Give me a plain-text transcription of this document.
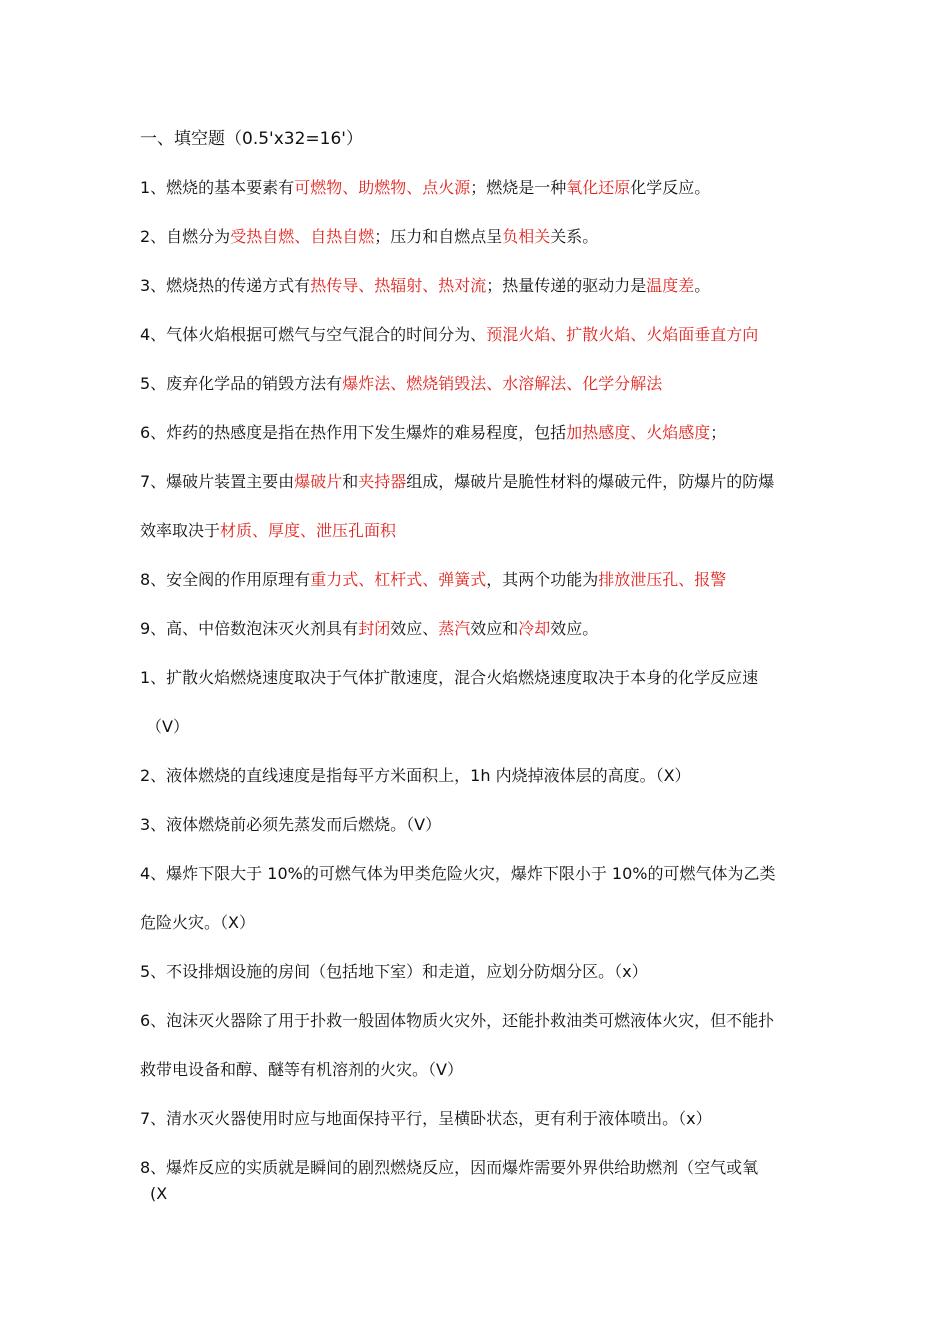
一、填空题（0.5'x32=16'）
1、燃烧的基本要素有可燃物、助燃物、点火源；燃烧是一种氧化还原化学反应。
2、自燃分为受热自燃、自热自燃；压力和自燃点呈负相关关系。
3、燃烧热的传递方式有热传导、热辐射、热对流；热量传递的驱动力是温度差。
4、气体火焰根据可燃气与空气混合的时间分为、预混火焰、扩散火焰、火焰面垂直方向
5、废弃化学品的销毁方法有爆炸法、燃烧销毁法、水溶解法、化学分解法
6、炸药的热感度是指在热作用下发生爆炸的难易程度，包括加热感度、火焰感度；
7、爆破片装置主要由爆破片和夹持器组成，爆破片是脆性材料的爆破元件，防爆片的防爆
效率取决于材质、厚度、泄压孔面积
8、安全阀的作用原理有重力式、杠杆式、弹簧式，其两个功能为排放泄压孔、报警
9、高、中倍数泡沫灭火剂具有封闭效应、蒸汽效应和冷却效应。
1、扩散火焰燃烧速度取决于气体扩散速度，混合火焰燃烧速度取决于本身的化学反应速
（V）
2、液体燃烧的直线速度是指每平方米面积上，1h 内烧掉液体层的高度。（X）
3、液体燃烧前必须先蒸发而后燃烧。（V）
4、爆炸下限大于 10%的可燃气体为甲类危险火灾，爆炸下限小于 10%的可燃气体为乙类
危险火灾。（X）
5、不设排烟设施的房间（包括地下室）和走道，应划分防烟分区。（x）
6、泡沫灭火器除了用于扑救一般固体物质火灾外，还能扑救油类可燃液体火灾，但不能扑
救带电设备和醇、醚等有机溶剂的火灾。（V）
7、清水灭火器使用时应与地面保持平行，呈横卧状态，更有利于液体喷出。（x）
8、爆炸反应的实质就是瞬间的剧烈燃烧反应，因而爆炸需要外界供给助燃剂（空气或氧
(X
